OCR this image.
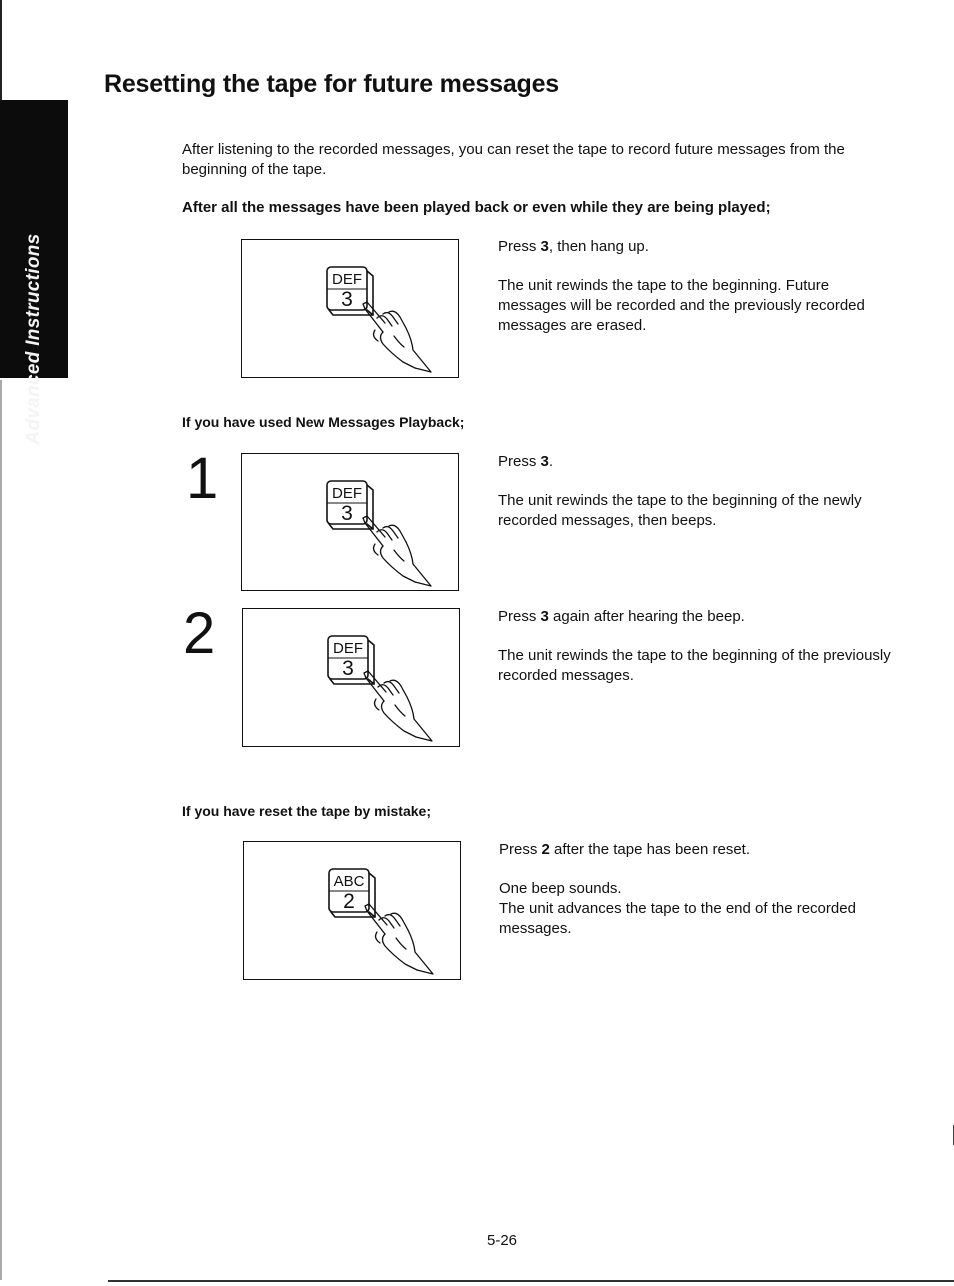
Advanced Instructions
Resetting the tape for future messages

After listening to the recorded messages, you can reset the tape to record future messages from the beginning of the tape.

After all the messages have been played back or even while they are being played;

DEF
3

Press 3, then hang up.

The unit rewinds the tape to the beginning. Future messages will be recorded and the previously recorded messages are erased.

If you have used New Messages Playback;

1	DEF
3

Press 3.

The unit rewinds the tape to the beginning of the newly recorded messages, then beeps.

2	DEF
3

Press 3 again after hearing the beep.

The unit rewinds the tape to the beginning of the previously recorded messages.

If you have reset the tape by mistake;

ABC
2

Press 2 after the tape has been reset.

One beep sounds.

The unit advances the tape to the end of the recorded messages.

5-26
